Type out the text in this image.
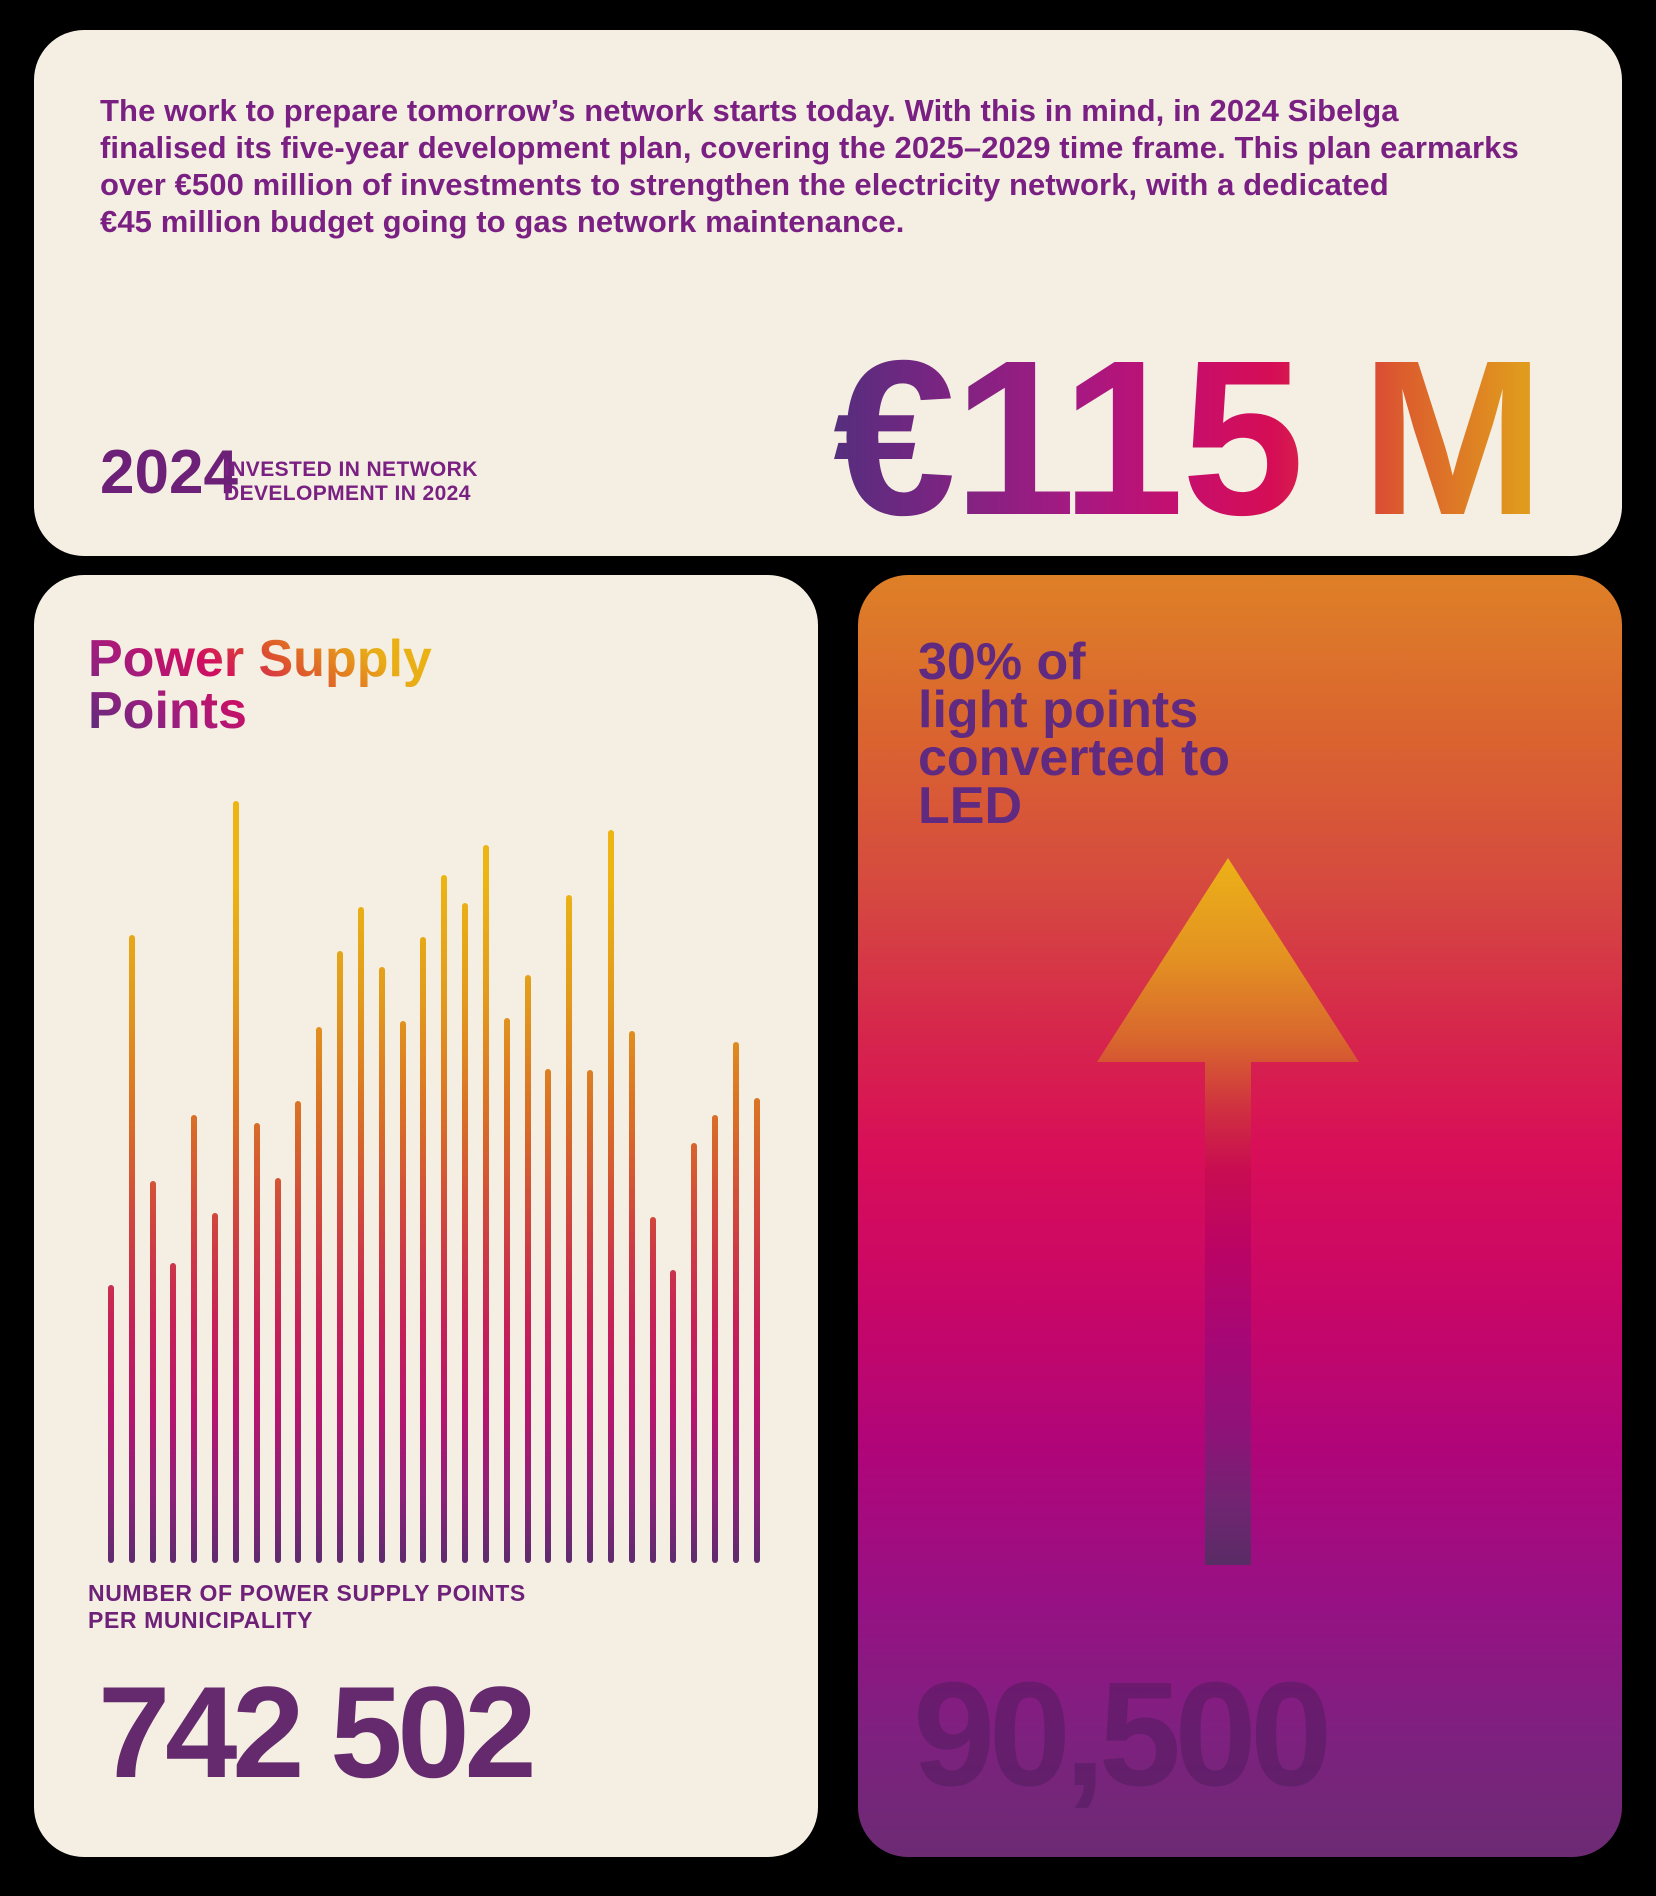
The work to prepare tomorrow’s network starts today. With this in mind, in 2024 Sibelga
finalised its five-year development plan, covering the 2025–2029 time frame. This plan earmarks
over €500 million of investments to strengthen the electricity network, with a dedicated
€45 million budget going to gas network maintenance.
2024
INVESTED IN NETWORK
DEVELOPMENT IN 2024 €115 M
Power Supply
Points
NUMBER OF POWER SUPPLY POINTS
PER MUNICIPALITY
742 502
30% of
light points
converted to
LED
90,500
